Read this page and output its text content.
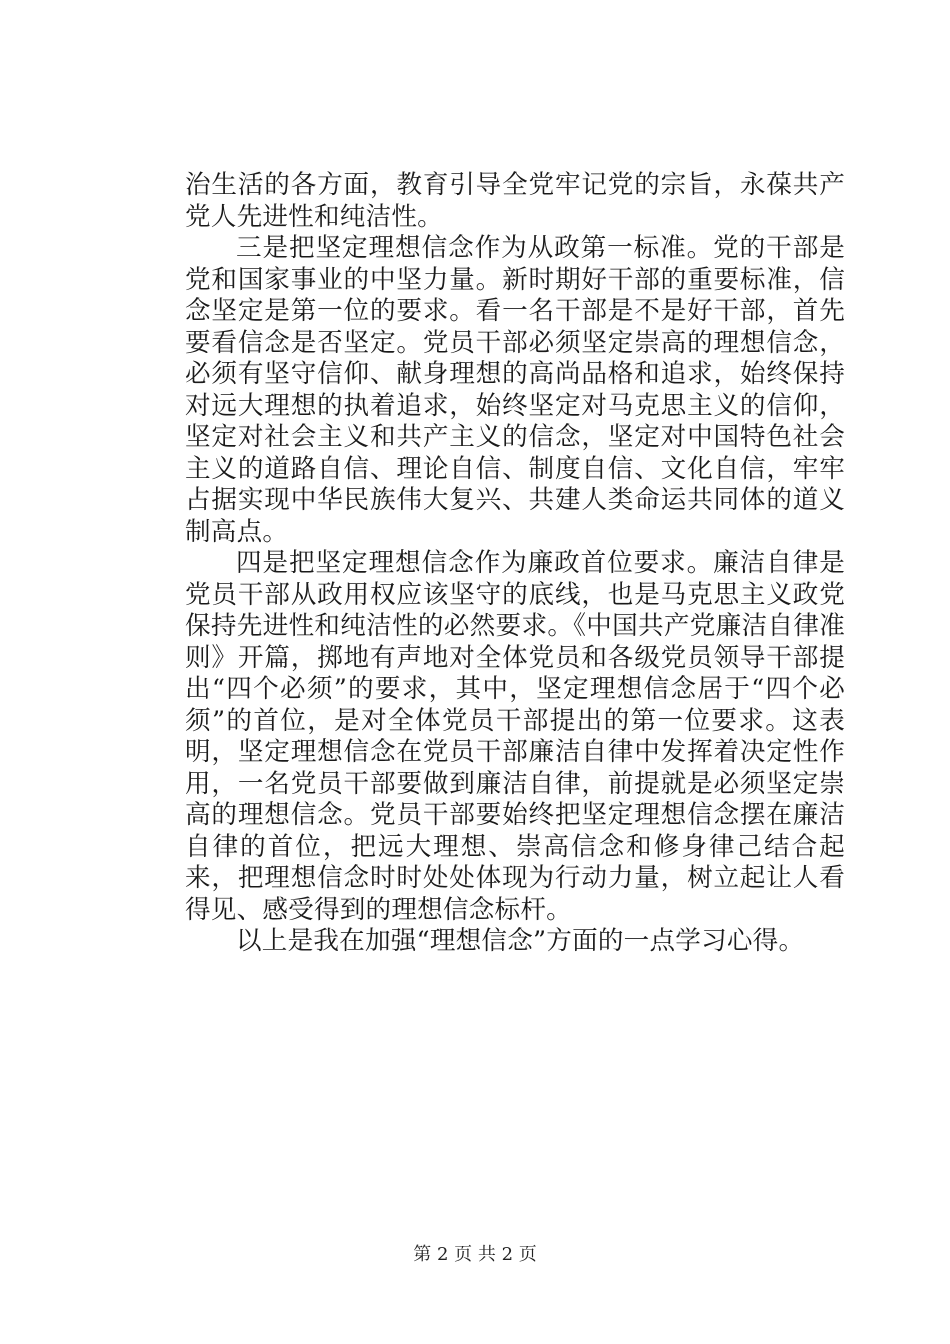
治生活的各方面，教育引导全党牢记党的宗旨，永葆共产党人先进性和纯洁性。

三是把坚定理想信念作为从政第一标准。党的干部是党和国家事业的中坚力量。新时期好干部的重要标准，信念坚定是第一位的要求。看一名干部是不是好干部，首先要看信念是否坚定。党员干部必须坚定崇高的理想信念，必须有坚守信仰、献身理想的高尚品格和追求，始终保持对远大理想的执着追求，始终坚定对马克思主义的信仰，坚定对社会主义和共产主义的信念，坚定对中国特色社会主义的道路自信、理论自信、制度自信、文化自信，牢牢占据实现中华民族伟大复兴、共建人类命运共同体的道义制高点。

四是把坚定理想信念作为廉政首位要求。廉洁自律是党员干部从政用权应该坚守的底线，也是马克思主义政党保持先进性和纯洁性的必然要求。《中国共产党廉洁自律准则》开篇，掷地有声地对全体党员和各级党员领导干部提出“四个必须”的要求，其中，坚定理想信念居于“四个必须”的首位，是对全体党员干部提出的第一位要求。这表明，坚定理想信念在党员干部廉洁自律中发挥着决定性作用，一名党员干部要做到廉洁自律，前提就是必须坚定崇高的理想信念。党员干部要始终把坚定理想信念摆在廉洁自律的首位，把远大理想、崇高信念和修身律己结合起来，把理想信念时时处处体现为行动力量，树立起让人看得见、感受得到的理想信念标杆。

以上是我在加强“理想信念”方面的一点学习心得。

第 2 页 共 2 页
